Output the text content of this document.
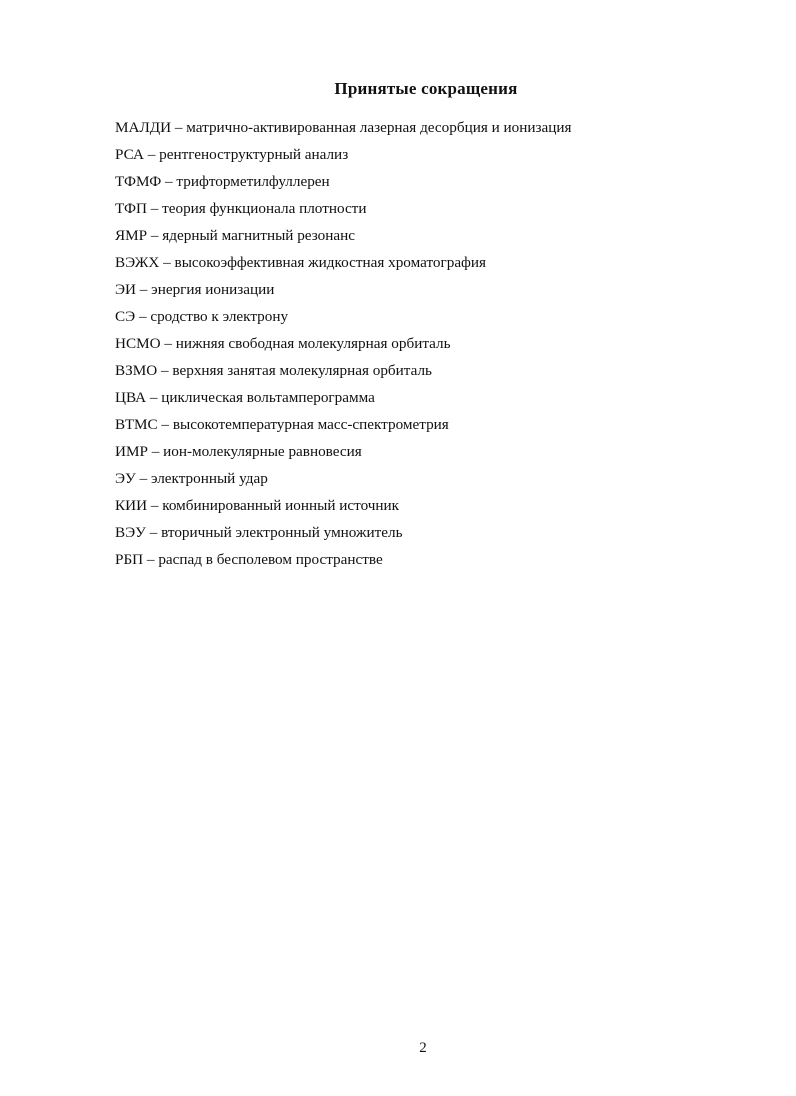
Принятые сокращения
МАЛДИ – матрично-активированная лазерная десорбция и ионизация
РСА – рентгеноструктурный анализ
ТФМФ – трифторметилфуллерен
ТФП – теория функционала плотности
ЯМР – ядерный магнитный резонанс
ВЭЖХ – высокоэффективная жидкостная хроматография
ЭИ – энергия ионизации
СЭ – сродство к электрону
НСМО – нижняя свободная молекулярная орбиталь
ВЗМО – верхняя занятая молекулярная орбиталь
ЦВА – циклическая вольтамперограмма
ВТМС – высокотемпературная масс-спектрометрия
ИМР – ион-молекулярные равновесия
ЭУ – электронный удар
КИИ – комбинированный ионный источник
ВЭУ – вторичный электронный умножитель
РБП – распад в бесполевом пространстве
2
